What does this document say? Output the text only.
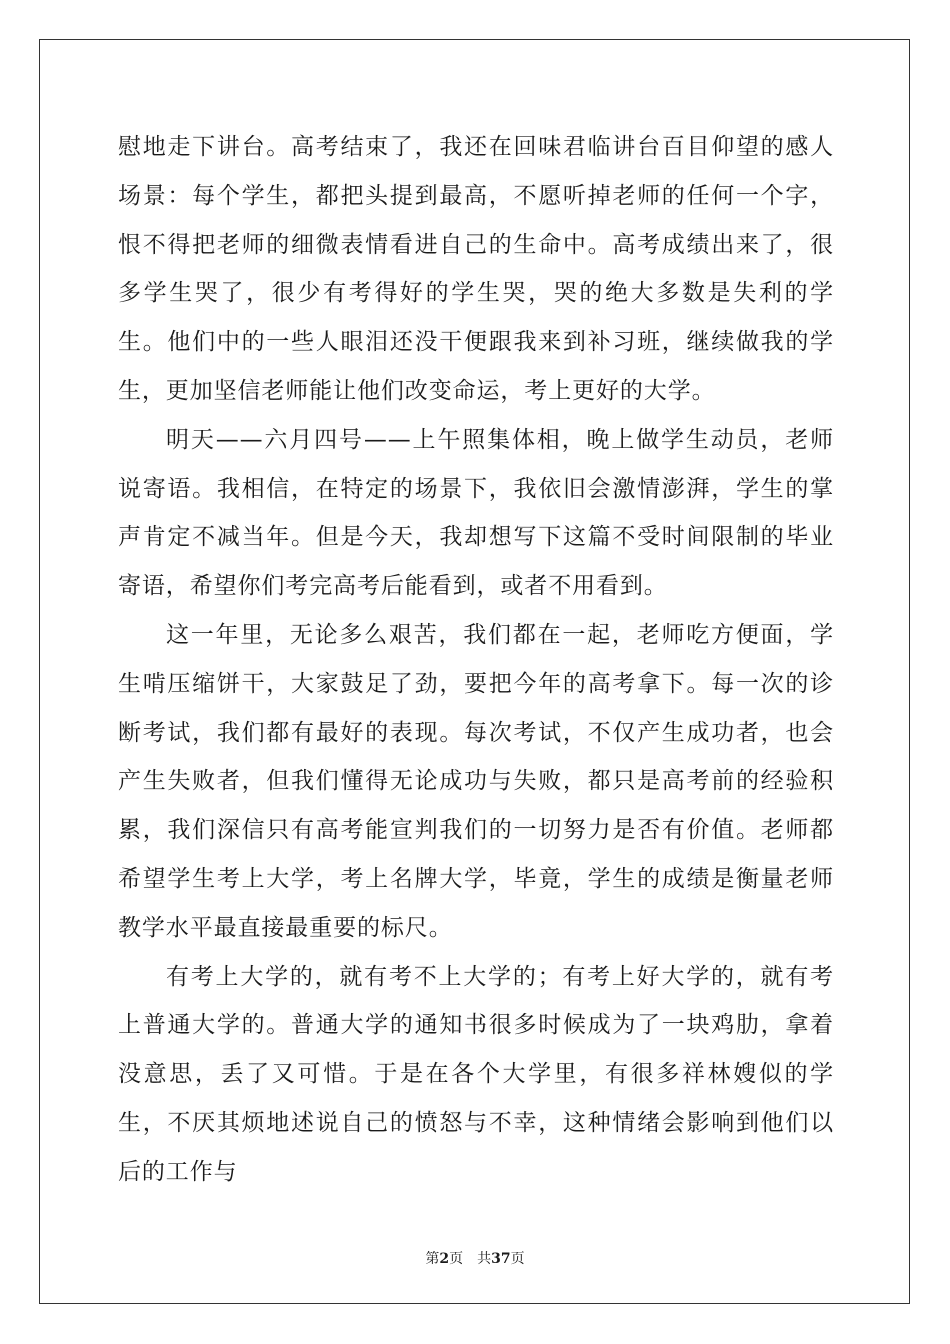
慰地走下讲台。高考结束了，我还在回味君临讲台百目仰望的感人场景：每个学生，都把头提到最高，不愿听掉老师的任何一个字，恨不得把老师的细微表情看进自己的生命中。高考成绩出来了，很多学生哭了，很少有考得好的学生哭，哭的绝大多数是失利的学生。他们中的一些人眼泪还没干便跟我来到补习班，继续做我的学生，更加坚信老师能让他们改变命运，考上更好的大学。

明天——六月四号——上午照集体相，晚上做学生动员，老师说寄语。我相信，在特定的场景下，我依旧会激情澎湃，学生的掌声肯定不减当年。但是今天，我却想写下这篇不受时间限制的毕业寄语，希望你们考完高考后能看到，或者不用看到。

这一年里，无论多么艰苦，我们都在一起，老师吃方便面，学生啃压缩饼干，大家鼓足了劲，要把今年的高考拿下。每一次的诊断考试，我们都有最好的表现。每次考试，不仅产生成功者，也会产生失败者，但我们懂得无论成功与失败，都只是高考前的经验积累，我们深信只有高考能宣判我们的一切努力是否有价值。老师都希望学生考上大学，考上名牌大学，毕竟，学生的成绩是衡量老师教学水平最直接最重要的标尺。

有考上大学的，就有考不上大学的；有考上好大学的，就有考上普通大学的。普通大学的通知书很多时候成为了一块鸡肋，拿着没意思，丢了又可惜。于是在各个大学里，有很多祥林嫂似的学生，不厌其烦地述说自己的愤怒与不幸，这种情绪会影响到他们以后的工作与

第2页 共37页
